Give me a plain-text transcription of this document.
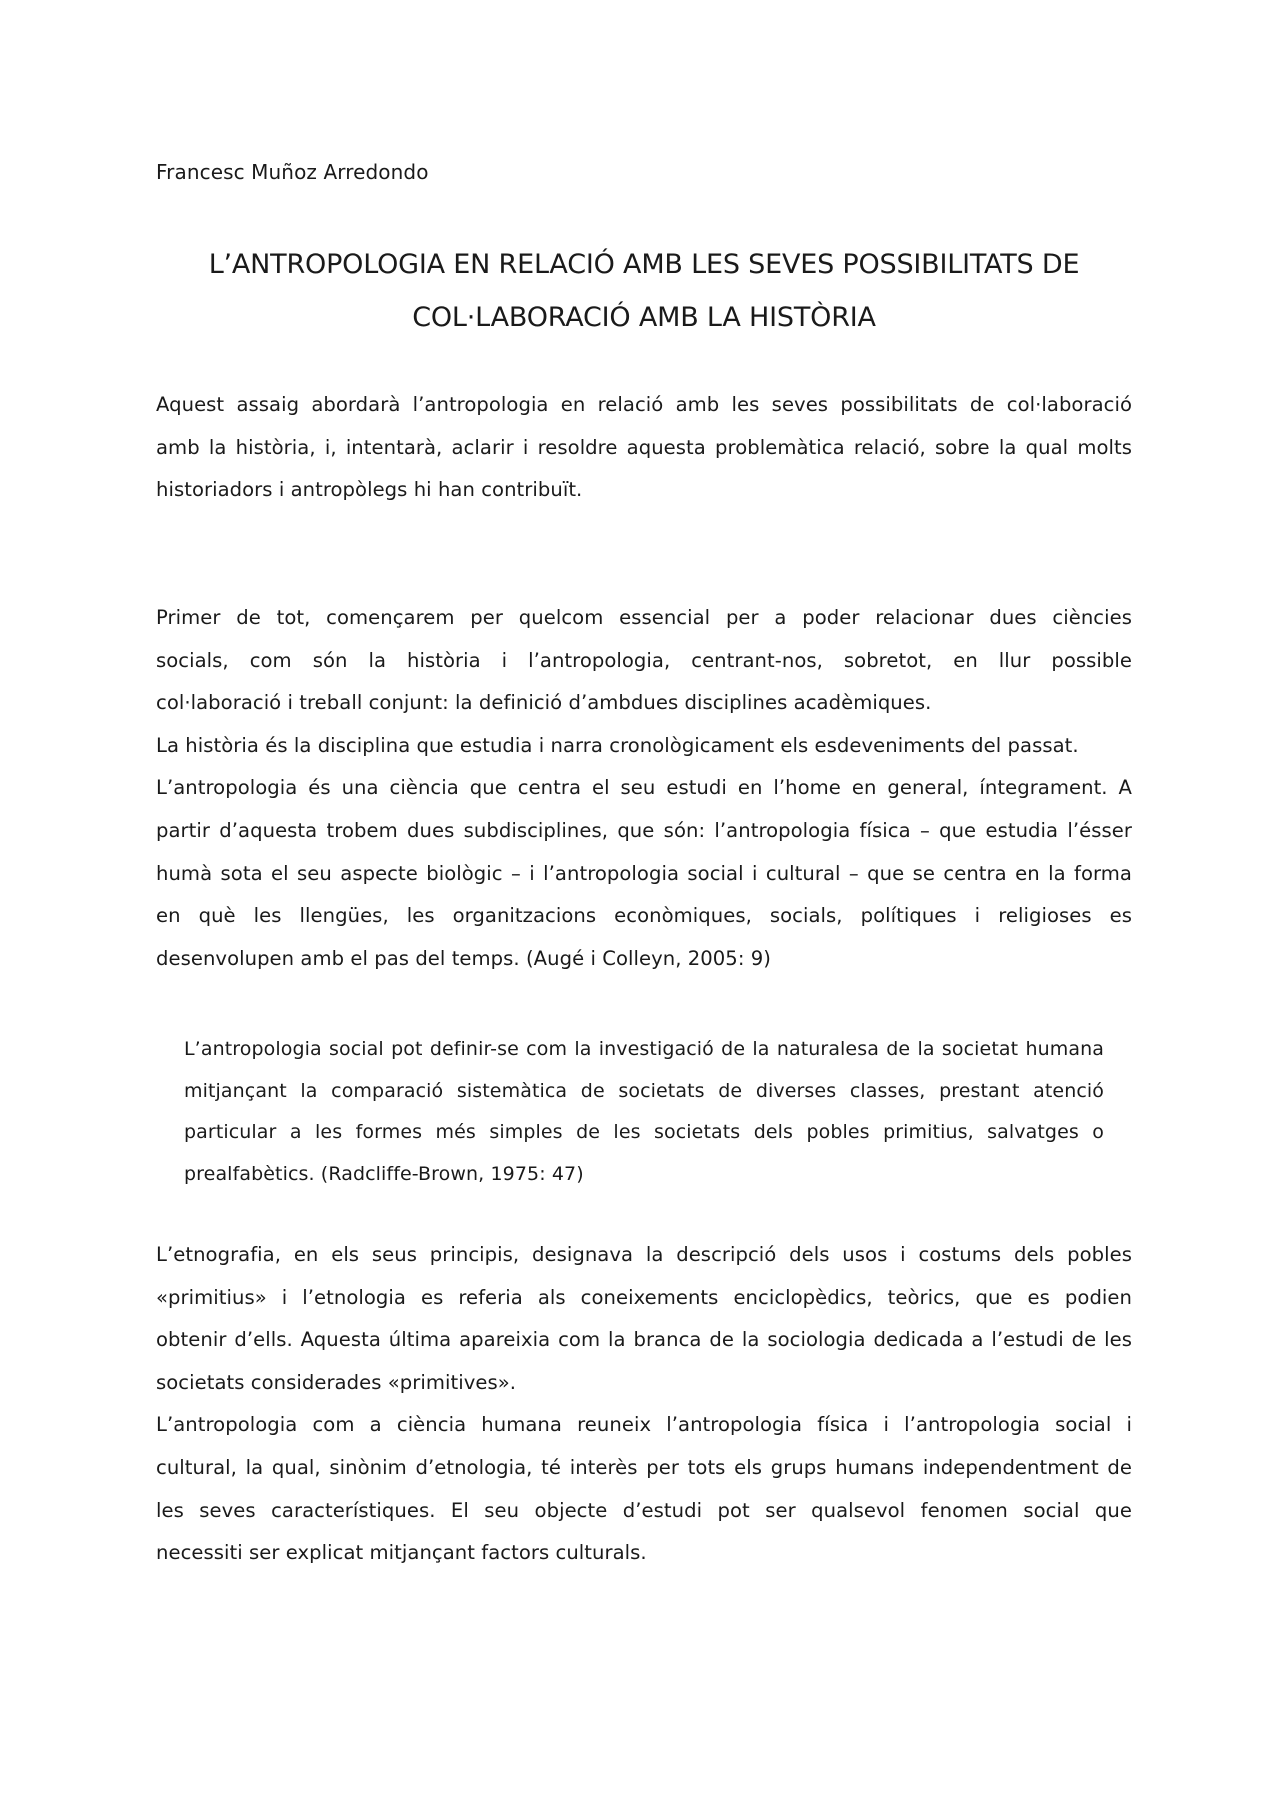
Francesc Muñoz Arredondo
L’ANTROPOLOGIA EN RELACIÓ AMB LES SEVES POSSIBILITATS DE
COL·LABORACIÓ AMB LA HISTÒRIA

Aquest assaig abordarà l’antropologia en relació amb les seves possibilitats de col·laboració
amb la història, i, intentarà, aclarir i resoldre aquesta problemàtica relació, sobre la qual molts
historiadors i antropòlegs hi han contribuït.

Primer de tot, començarem per quelcom essencial per a poder relacionar dues ciències
socials, com són la història i l’antropologia, centrant-nos, sobretot, en llur possible
col·laboració i treball conjunt: la definició d’ambdues disciplines acadèmiques.
La història és la disciplina que estudia i narra cronològicament els esdeveniments del passat.
L’antropologia és una ciència que centra el seu estudi en l’home en general, íntegrament. A
partir d’aquesta trobem dues subdisciplines, que són: l’antropologia física – que estudia l’ésser
humà sota el seu aspecte biològic – i l’antropologia social i cultural – que se centra en la forma
en què les llengües, les organitzacions econòmiques, socials, polítiques i religioses es
desenvolupen amb el pas del temps. (Augé i Colleyn, 2005: 9)

L’antropologia social pot definir-se com la investigació de la naturalesa de la societat humana
mitjançant la comparació sistemàtica de societats de diverses classes, prestant atenció
particular a les formes més simples de les societats dels pobles primitius, salvatges o
prealfabètics. (Radcliffe-Brown, 1975: 47)

L’etnografia, en els seus principis, designava la descripció dels usos i costums dels pobles
«primitius» i l’etnologia es referia als coneixements enciclopèdics, teòrics, que es podien
obtenir d’ells. Aquesta última apareixia com la branca de la sociologia dedicada a l’estudi de les
societats considerades «primitives».
L’antropologia com a ciència humana reuneix l’antropologia física i l’antropologia social i
cultural, la qual, sinònim d’etnologia, té interès per tots els grups humans independentment de
les seves característiques. El seu objecte d’estudi pot ser qualsevol fenomen social que
necessiti ser explicat mitjançant factors culturals.
